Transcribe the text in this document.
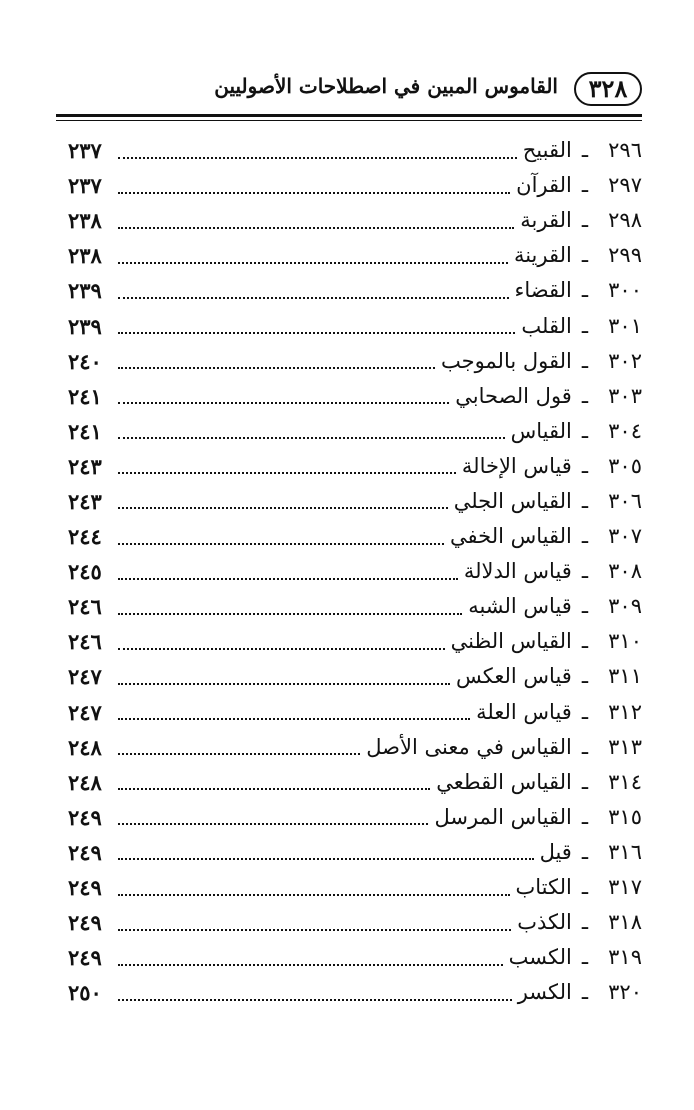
٣٢٨
القاموس المبين في اصطلاحات الأصوليين
٢٩٦
ـ
القبيح
٢٣٧
٢٩٧
ـ
القرآن
٢٣٧
٢٩٨
ـ
القربة
٢٣٨
٢٩٩
ـ
القرينة
٢٣٨
٣٠٠
ـ
القضاء
٢٣٩
٣٠١
ـ
القلب
٢٣٩
٣٠٢
ـ
القول بالموجب
٢٤٠
٣٠٣
ـ
قول الصحابي
٢٤١
٣٠٤
ـ
القياس
٢٤١
٣٠٥
ـ
قياس الإخالة
٢٤٣
٣٠٦
ـ
القياس الجلي
٢٤٣
٣٠٧
ـ
القياس الخفي
٢٤٤
٣٠٨
ـ
قياس الدلالة
٢٤٥
٣٠٩
ـ
قياس الشبه
٢٤٦
٣١٠
ـ
القياس الظني
٢٤٦
٣١١
ـ
قياس العكس
٢٤٧
٣١٢
ـ
قياس العلة
٢٤٧
٣١٣
ـ
القياس في معنى الأصل
٢٤٨
٣١٤
ـ
القياس القطعي
٢٤٨
٣١٥
ـ
القياس المرسل
٢٤٩
٣١٦
ـ
قيل
٢٤٩
٣١٧
ـ
الكتاب
٢٤٩
٣١٨
ـ
الكذب
٢٤٩
٣١٩
ـ
الكسب
٢٤٩
٣٢٠
ـ
الكسر
٢٥٠
